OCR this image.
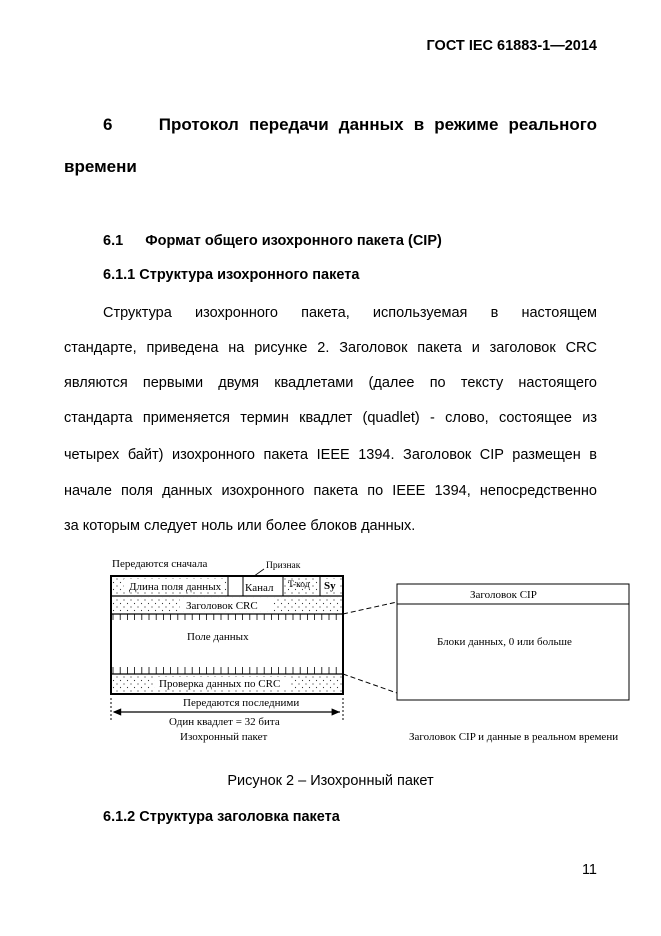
ГОСТ IEC 61883-1—2014
6	Протокол передачи данных в режиме реального
времени
6.1 Формат общего изохронного пакета (CIP)
6.1.1 Структура изохронного пакета
Структура изохронного пакета, используемая в настоящем
стандарте, приведена на рисунке 2. Заголовок пакета и заголовок CRC
являются первыми двумя квадлетами (далее по тексту настоящего
стандарта применяется термин квадлет (quadlet) - слово, состоящее из
четырех байт) изохронного пакета IEEE 1394. Заголовок CIP размещен в
начале поля данных изохронного пакета по IEEE 1394, непосредственно
за которым следует ноль или более блоков данных.
Передаются сначала	Признак
Длина поля данных Канал T-код Sy
Заголовок CRC
Поле данных
Проверка данных по CRC
Передаются последними
Один квадлет = 32 бита
Изохронный пакет
Заголовок CIP
Блоки данных, 0 или больше
Заголовок CIP и данные в реальном времени
Рисунок 2 – Изохронный пакет
6.1.2 Структура заголовка пакета
11
